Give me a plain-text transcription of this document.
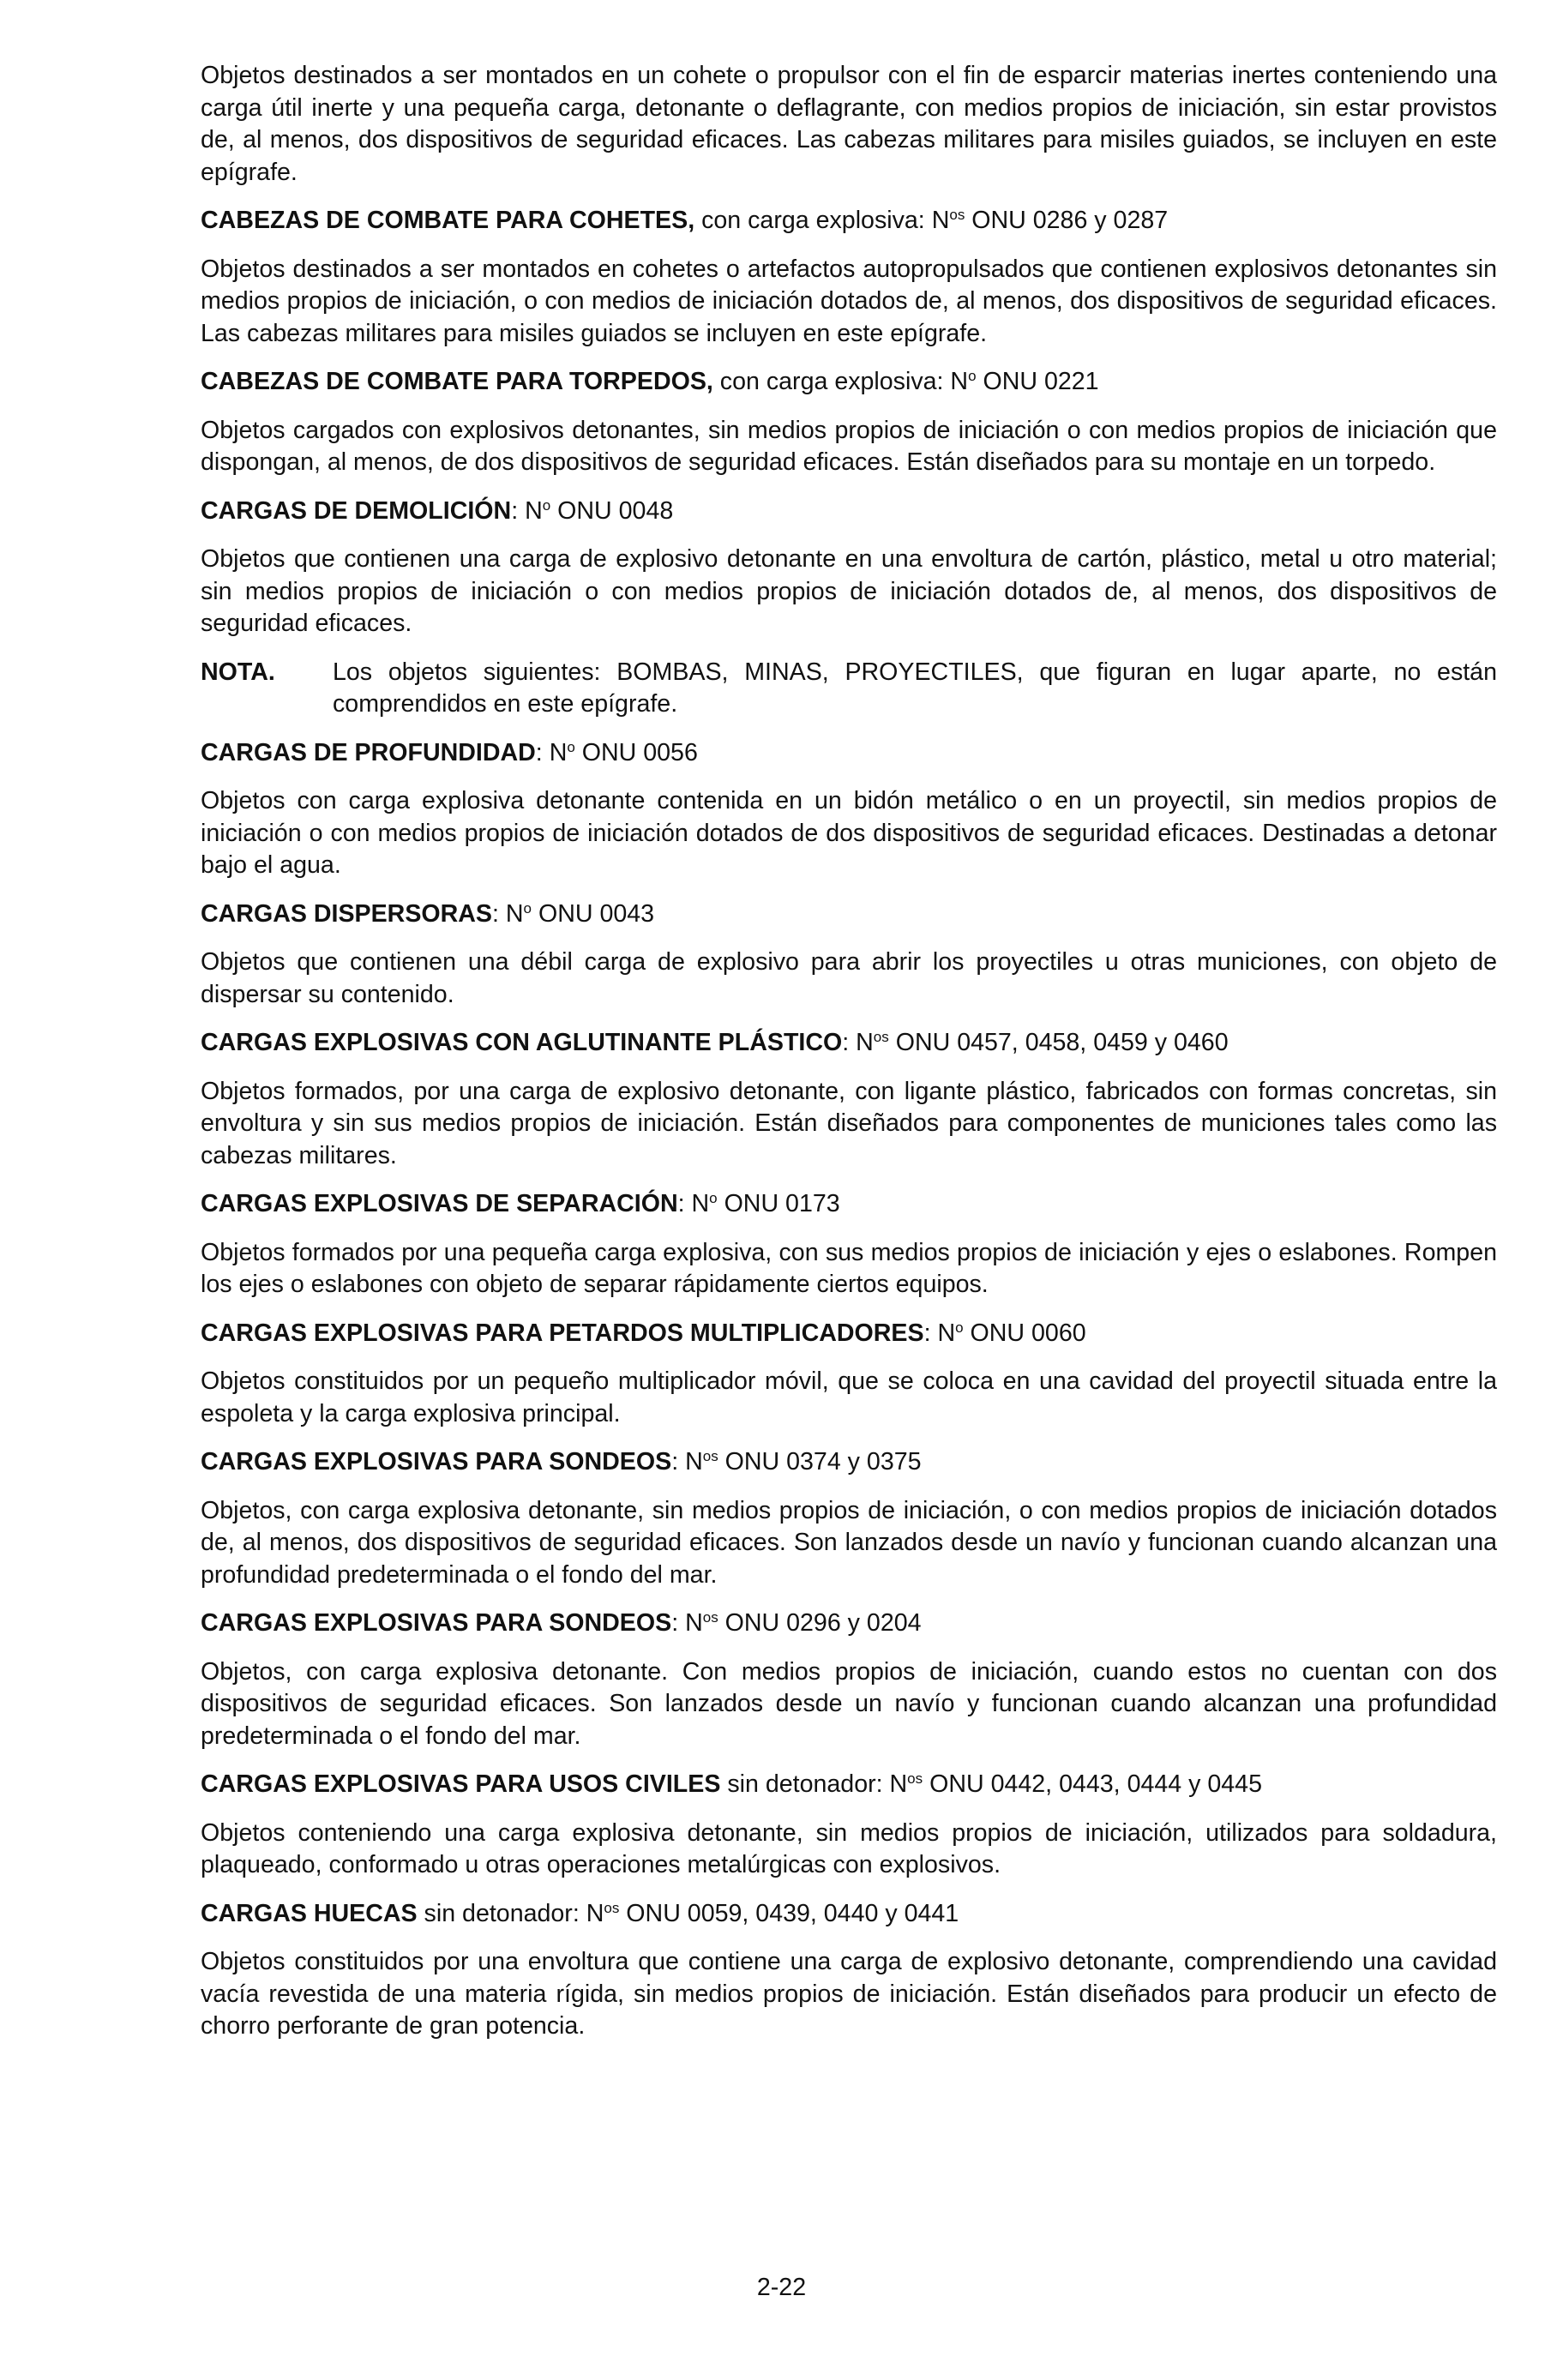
Objetos destinados a ser montados en un cohete o propulsor con el fin de esparcir materias inertes conteniendo una carga útil inerte y una pequeña carga, detonante o deflagrante, con medios propios de iniciación, sin estar provistos de, al menos, dos dispositivos de seguridad eficaces. Las cabezas militares para misiles guiados, se incluyen en este epígrafe.

CABEZAS DE COMBATE PARA COHETES, con carga explosiva: $N^{os}$ ONU 0286 y 0287

Objetos destinados a ser montados en cohetes o artefactos autopropulsados que contienen explosivos detonantes sin medios propios de iniciación, o con medios de iniciación dotados de, al menos, dos dispositivos de seguridad eficaces. Las cabezas militares para misiles guiados se incluyen en este epígrafe.

CABEZAS DE COMBATE PARA TORPEDOS, con carga explosiva: $N^o$ ONU 0221

Objetos cargados con explosivos detonantes, sin medios propios de iniciación o con medios propios de iniciación que dispongan, al menos, de dos dispositivos de seguridad eficaces. Están diseñados para su montaje en un torpedo.

CARGAS DE DEMOLICIÓN: $N^o$ ONU 0048

Objetos que contienen una carga de explosivo detonante en una envoltura de cartón, plástico, metal u otro material; sin medios propios de iniciación o con medios propios de iniciación dotados de, al menos, dos dispositivos de seguridad eficaces.

NOTA.	Los objetos siguientes: BOMBAS, MINAS, PROYECTILES, que figuran en lugar aparte, no están comprendidos en este epígrafe.

CARGAS DE PROFUNDIDAD: $N^o$ ONU 0056

Objetos con carga explosiva detonante contenida en un bidón metálico o en un proyectil, sin medios propios de iniciación o con medios propios de iniciación dotados de dos dispositivos de seguridad eficaces. Destinadas a detonar bajo el agua.

CARGAS DISPERSORAS: $N^o$ ONU 0043

Objetos que contienen una débil carga de explosivo para abrir los proyectiles u otras municiones, con objeto de dispersar su contenido.

CARGAS EXPLOSIVAS CON AGLUTINANTE PLÁSTICO: $N^{os}$ ONU 0457, 0458, 0459 y 0460

Objetos formados, por una carga de explosivo detonante, con ligante plástico, fabricados con formas concretas, sin envoltura y sin sus medios propios de iniciación. Están diseñados para componentes de municiones tales como las cabezas militares.

CARGAS EXPLOSIVAS DE SEPARACIÓN: $N^o$ ONU 0173

Objetos formados por una pequeña carga explosiva, con sus medios propios de iniciación y ejes o eslabones. Rompen los ejes o eslabones con objeto de separar rápidamente ciertos equipos.

CARGAS EXPLOSIVAS PARA PETARDOS MULTIPLICADORES: $N^o$ ONU 0060

Objetos constituidos por un pequeño multiplicador móvil, que se coloca en una cavidad del proyectil situada entre la espoleta y la carga explosiva principal.

CARGAS EXPLOSIVAS PARA SONDEOS: $N^{os}$ ONU 0374 y 0375

Objetos, con carga explosiva detonante, sin medios propios de iniciación, o con medios propios de iniciación dotados de, al menos, dos dispositivos de seguridad eficaces. Son lanzados desde un navío y funcionan cuando alcanzan una profundidad predeterminada o el fondo del mar.

CARGAS EXPLOSIVAS PARA SONDEOS: $N^{os}$ ONU 0296 y 0204

Objetos, con carga explosiva detonante. Con medios propios de iniciación, cuando estos no cuentan con dos dispositivos de seguridad eficaces. Son lanzados desde un navío y funcionan cuando alcanzan una profundidad predeterminada o el fondo del mar.

CARGAS EXPLOSIVAS PARA USOS CIVILES sin detonador: $N^{os}$ ONU 0442, 0443, 0444 y 0445

Objetos conteniendo una carga explosiva detonante, sin medios propios de iniciación, utilizados para soldadura, plaqueado, conformado u otras operaciones metalúrgicas con explosivos.

CARGAS HUECAS sin detonador: $N^{os}$ ONU 0059, 0439, 0440 y 0441

Objetos constituidos por una envoltura que contiene una carga de explosivo detonante, comprendiendo una cavidad vacía revestida de una materia rígida, sin medios propios de iniciación. Están diseñados para producir un efecto de chorro perforante de gran potencia.

2-22
